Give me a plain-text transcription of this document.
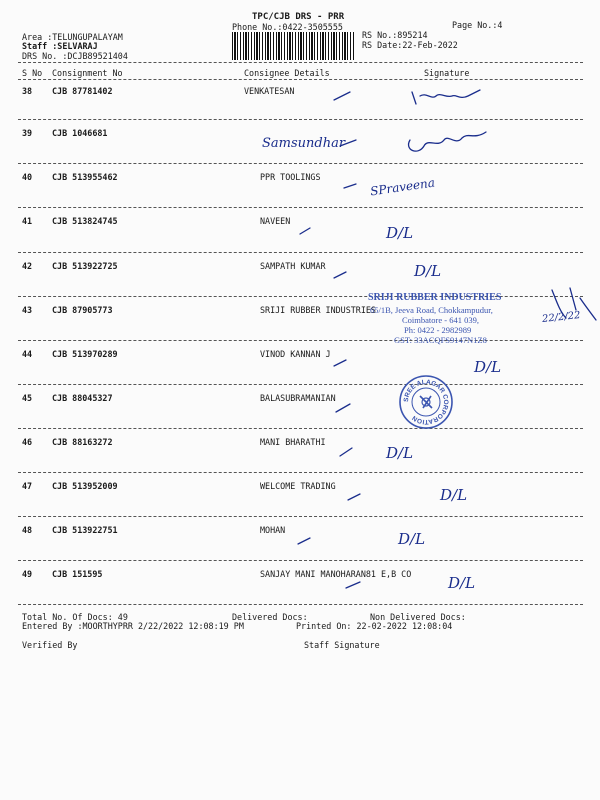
TPC/CJB DRS - PRR
Phone No.:0422-3505555	Page No.:4
Area :TELUNGUPALAYAM
Staff :SELVARAJ
DRS No. :DCJB89521404
RS No.:895214
RS Date:22-Feb-2022
S No Consignment No	Consignee Details	Signature
38 CJB 87781402	VENKATESAN
39 CJB 1046681
40 CJB 513955462	PPR TOOLINGS
41 CJB 513824745	NAVEEN
42 CJB 513922725	SAMPATH KUMAR
43 CJB 87905773	SRIJI RUBBER INDUSTRIES
44 CJB 513970289	VINOD KANNAN J
45 CJB 88045327	BALASUBRAMANIAN
46 CJB 88163272	MANI BHARATHI
47 CJB 513952009	WELCOME TRADING
48 CJB 513922751	MOHAN
49 CJB 151595	SANJAY MANI MANOHARAN81 E,B CO
Total No. Of Docs: 49	Delivered Docs:	Non Delivered Docs:
Entered By :MOORTHYPRR 2/22/2022 12:08:19 PM	Printed On: 22-02-2022 12:08:04
Verified By	Staff Signature
SRIJI RUBBER INDUSTRIES
65/1B, Jeeva Road, Chokkampudur,
Coimbatore - 641 039,
Ph: 0422 - 2982989
GST: 33ACQFS9147N1Z8
SREE ALAGAR CORPORATION
Samsundhar
SPraveena
D/L
D/L
D/L
D/L
D/L
D/L
D/L
22/2/22
